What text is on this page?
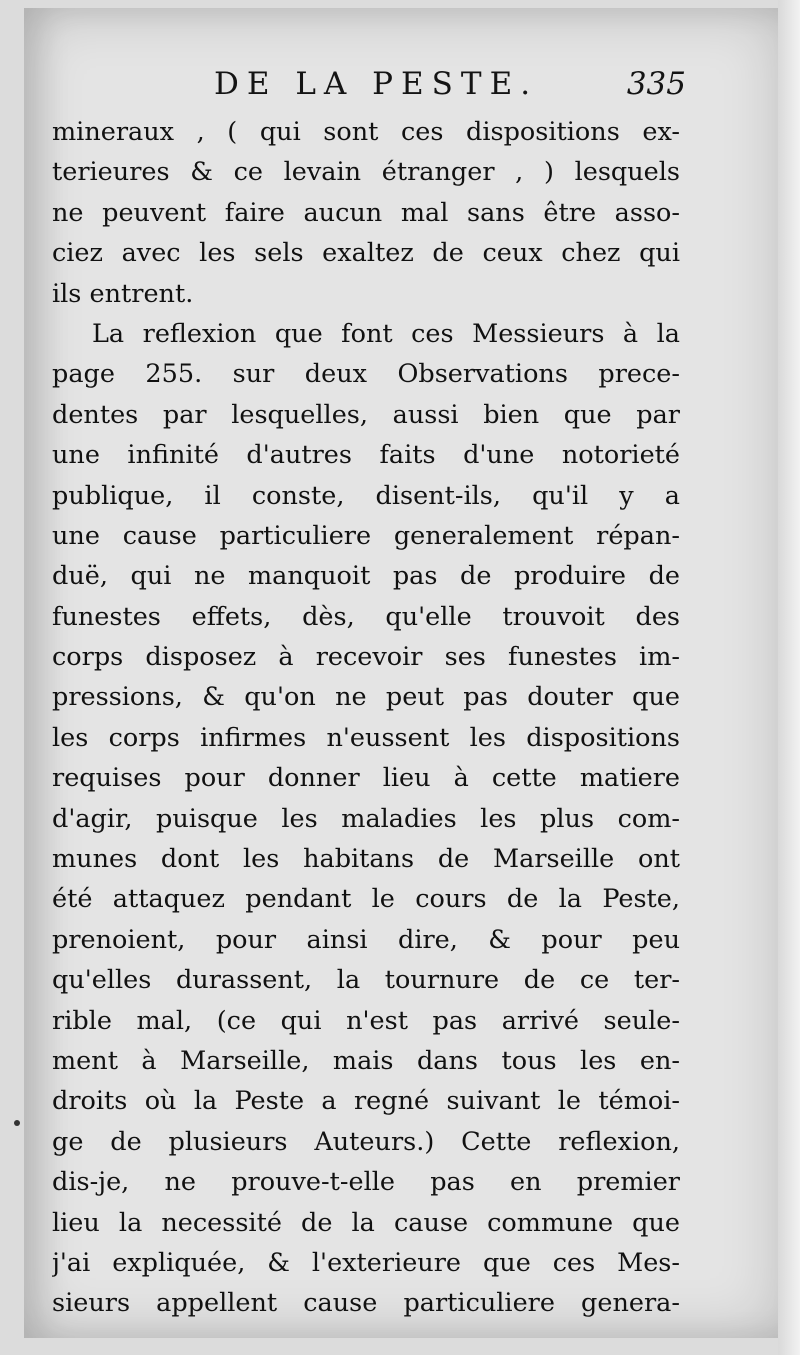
DE LA PESTE.	335
mineraux , ( qui sont ces dispositions ex-
terieures & ce levain étranger , ) lesquels
ne peuvent faire aucun mal sans être asso-
ciez avec les sels exaltez de ceux chez qui
ils entrent.
La reflexion que font ces Messieurs à la
page 255. sur deux Observations prece-
dentes par lesquelles, aussi bien que par
une infinité d'autres faits d'une notorieté
publique, il conste, disent-ils, qu'il y a
une cause particuliere generalement répan-
duë, qui ne manquoit pas de produire de
funestes effets, dès, qu'elle trouvoit des
corps disposez à recevoir ses funestes im-
pressions, & qu'on ne peut pas douter que
les corps infirmes n'eussent les dispositions
requises pour donner lieu à cette matiere
d'agir, puisque les maladies les plus com-
munes dont les habitans de Marseille ont
été attaquez pendant le cours de la Peste,
prenoient, pour ainsi dire, & pour peu
qu'elles durassent, la tournure de ce ter-
rible mal, (ce qui n'est pas arrivé seule-
ment à Marseille, mais dans tous les en-
droits où la Peste a regné suivant le témoi-
ge de plusieurs Auteurs.) Cette reflexion,
dis-je, ne prouve-t-elle pas en premier
lieu la necessité de la cause commune que
j'ai expliquée, & l'exterieure que ces Mes-
sieurs appellent cause particuliere genera-
